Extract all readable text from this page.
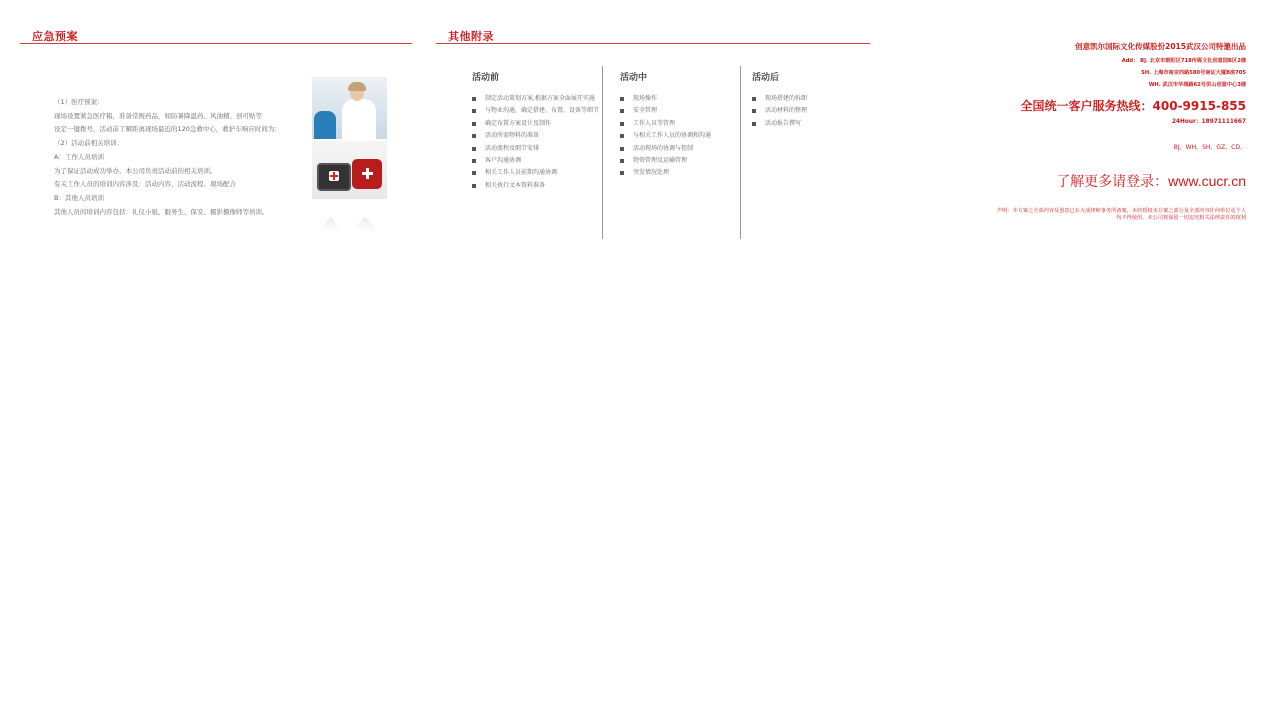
应急预案
（1）医疗预案：
现场设置紧急医疗箱，准备常规药品，如防暑降温药、风油精、创可贴等
设定一键拨号，活动前了解距离现场最近的120急救中心，救护车响应时间为：
（2）活动前相关培训：
A：工作人员培训
为了保证活动成功举办，本公司负责活动前的相关培训。
有关工作人员的培训内容涉及：活动内容、活动流程、現场配合
B：其他人员培训
其他人员的培训内容包括：礼仪小姐、服务生、保安、摄影摄像师等培训。
其他附录
活动前
制定活动策划方案,根据方案全面展开实施
与物业沟通，确定搭建、布置、设备等细节
确定布置方案设计及制作
活动所需物料的准备
活动流程及细节安排
客户沟通协调
相关工作人员前期沟通协调
相关执行文本资料准备
活动中
现场操作
安全管理
工作人员等管理
与相关工作人员的协调和沟通
活动现场的协调与控制
物资管理及运输管理
突发情况处理
活动后
现场搭建的拆卸
活动材料的整理
活动报告撰写
创意凯尔国际文化传媒股份2015武汉公司特邀出品
Add： BJ. 北京市朝阳区718传媒文化创意园B区2楼
SH. 上海市南京西路580号南证大厦B座705
WH. 武汉市华城路62号洪山创意中心3楼
全国统一客户服务热线：400-9915-855
24Hour：18971111667
BJ、WH、SH、GZ、CD、
了解更多请登录：www.cucr.cn
声明：本方案之全部内容及创意已在大成律师事务所备案，未经授权本方案之部分及全部内容任何单位及个人
均不得使用，本公司将保留一切追究相关法律责任的权利
